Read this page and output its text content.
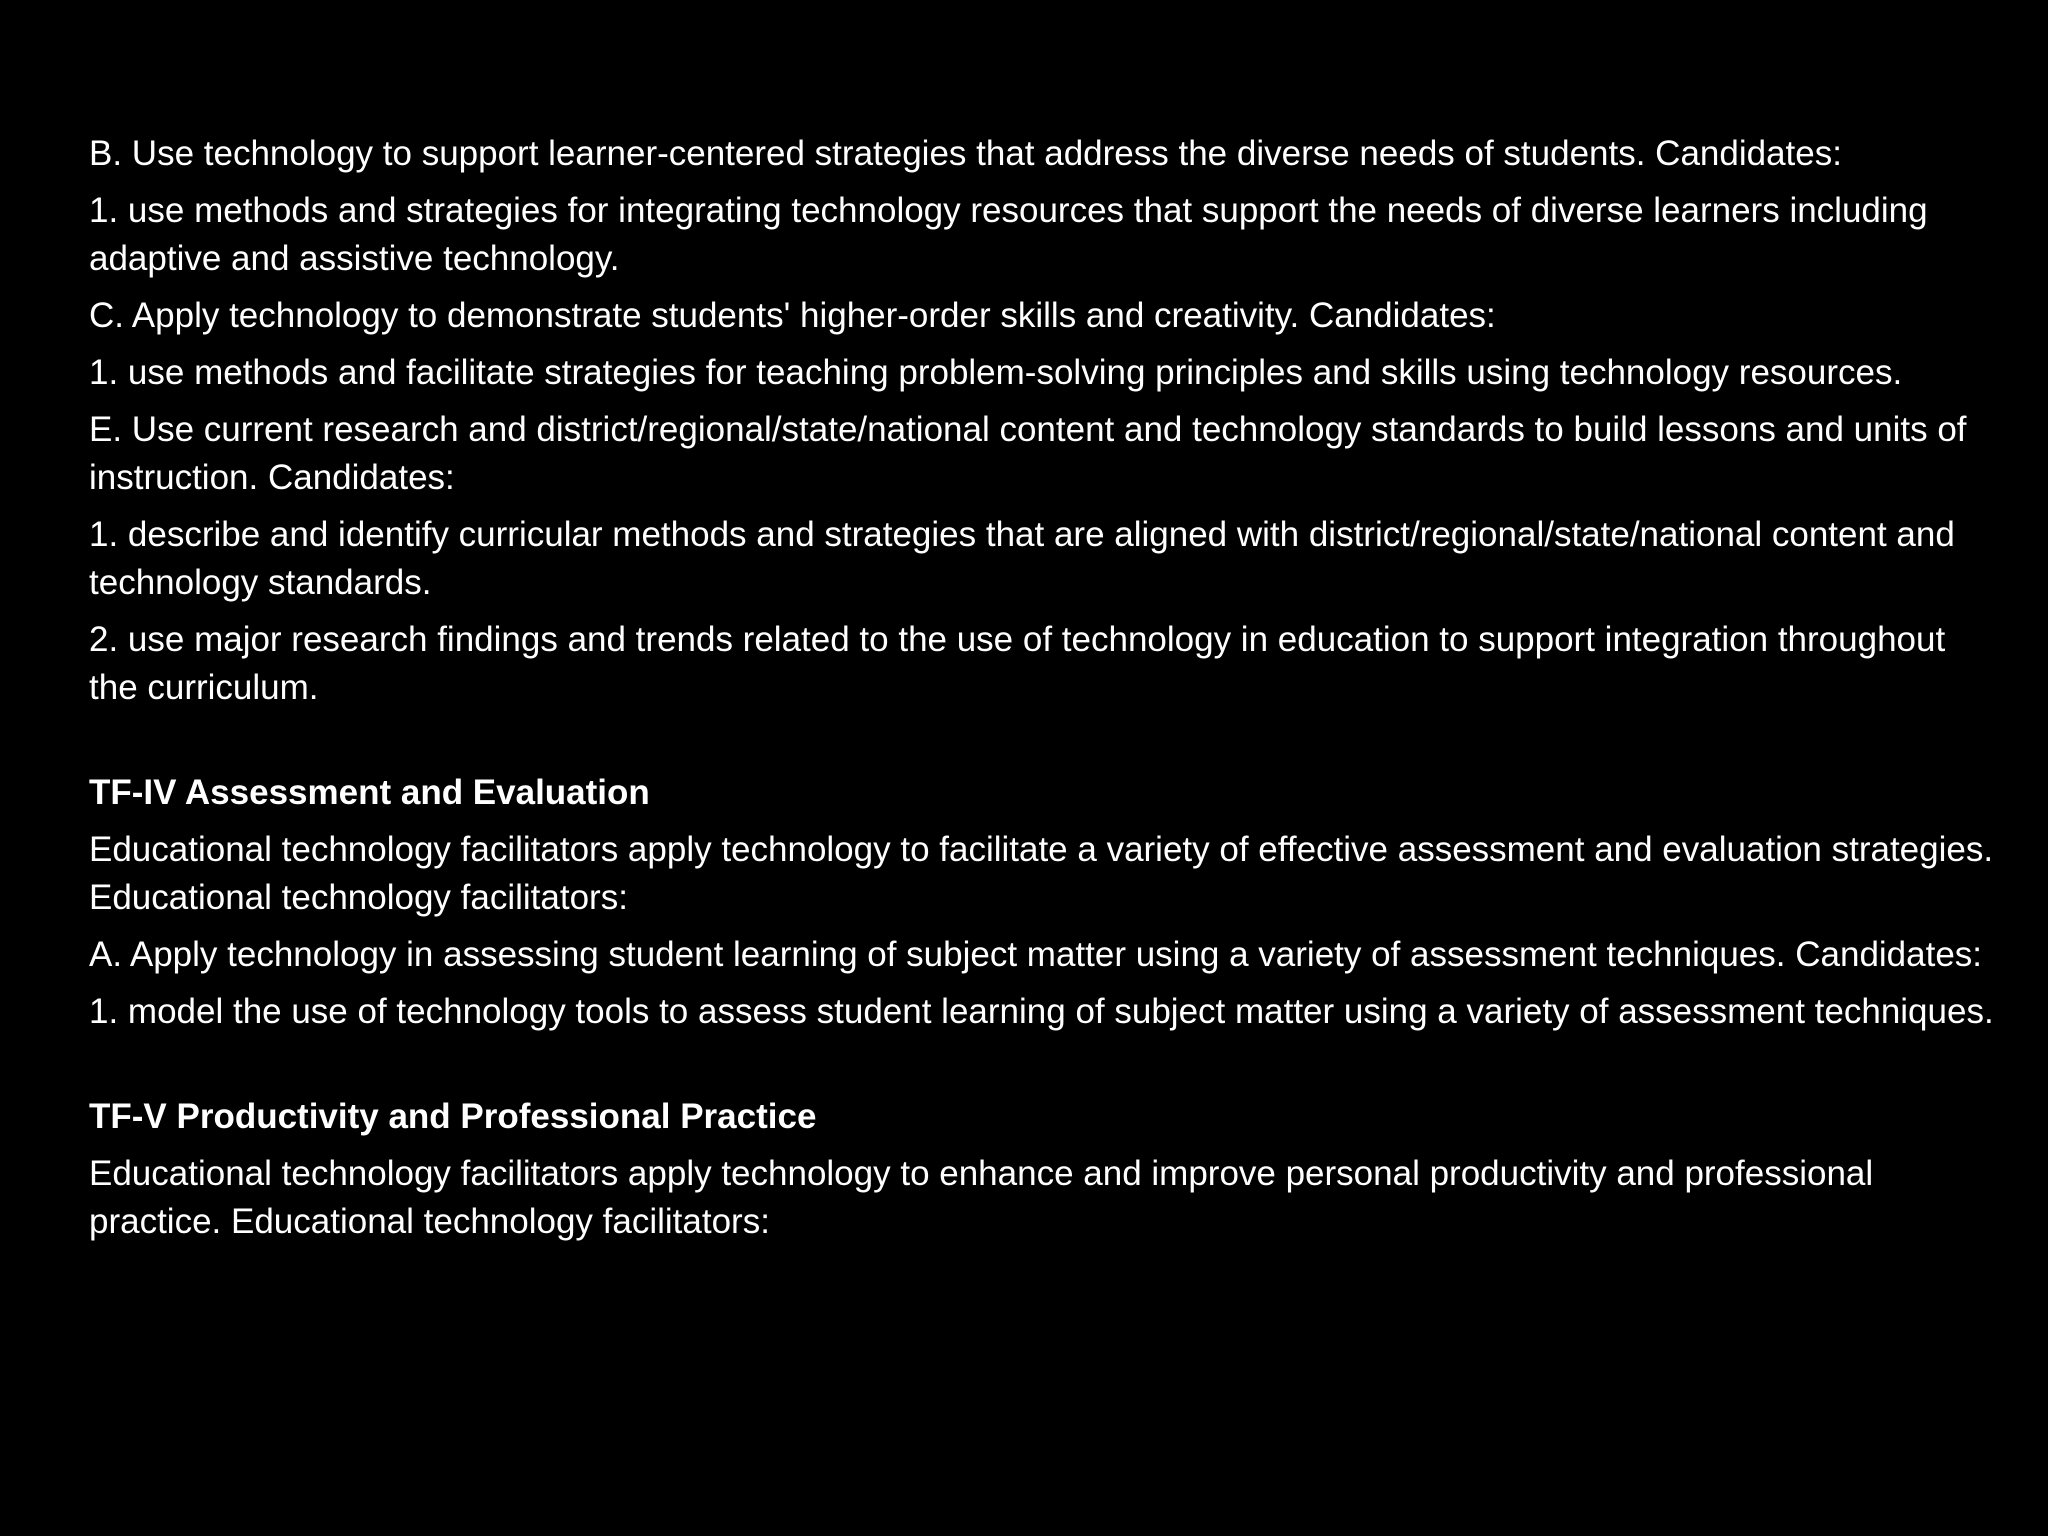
B. Use technology to support learner-centered strategies that address the diverse needs of students. Candidates:

1. use methods and strategies for integrating technology resources that support the needs of diverse learners including adaptive and assistive technology.

C. Apply technology to demonstrate students' higher-order skills and creativity. Candidates:

1. use methods and facilitate strategies for teaching problem-solving principles and skills using technology resources.

E. Use current research and district/regional/state/national content and technology standards to build lessons and units of instruction. Candidates:

1. describe and identify curricular methods and strategies that are aligned with district/regional/state/national content and technology standards.

2. use major research findings and trends related to the use of technology in education to support integration throughout the curriculum.

TF-IV Assessment and Evaluation

Educational technology facilitators apply technology to facilitate a variety of effective assessment and evaluation strategies. Educational technology facilitators:

A. Apply technology in assessing student learning of subject matter using a variety of assessment techniques. Candidates:

1. model the use of technology tools to assess student learning of subject matter using a variety of assessment techniques.

TF-V Productivity and Professional Practice

Educational technology facilitators apply technology to enhance and improve personal productivity and professional practice. Educational technology facilitators:
